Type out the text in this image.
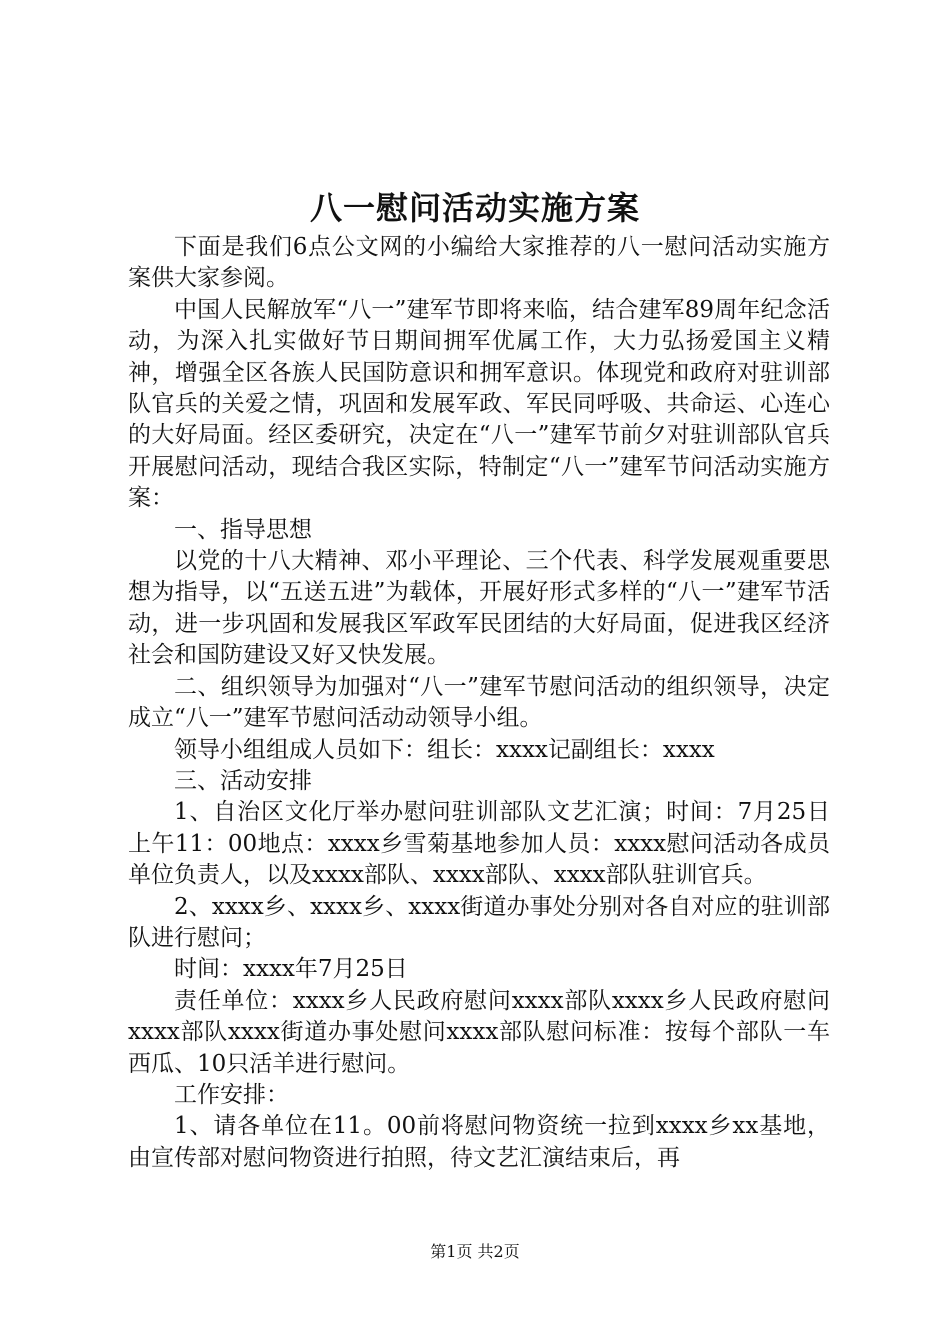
八一慰问活动实施方案

下面是我们6点公文网的小编给大家推荐的八一慰问活动实施方案供大家参阅。

中国人民解放军“八一”建军节即将来临，结合建军89周年纪念活动，为深入扎实做好节日期间拥军优属工作，大力弘扬爱国主义精神，增强全区各族人民国防意识和拥军意识。体现党和政府对驻训部队官兵的关爱之情，巩固和发展军政、军民同呼吸、共命运、心连心的大好局面。经区委研究，决定在“八一”建军节前夕对驻训部队官兵开展慰问活动，现结合我区实际，特制定“八一”建军节问活动实施方案：

一、指导思想

以党的十八大精神、邓小平理论、三个代表、科学发展观重要思想为指导，以“五送五进”为载体，开展好形式多样的“八一”建军节活动，进一步巩固和发展我区军政军民团结的大好局面，促进我区经济社会和国防建设又好又快发展。

二、组织领导为加强对“八一”建军节慰问活动的组织领导，决定成立“八一”建军节慰问活动动领导小组。

领导小组组成人员如下：组长：xxxx记副组长：xxxx

三、活动安排

1、自治区文化厅举办慰问驻训部队文艺汇演；时间：7月25日上午11：00地点：xxxx乡雪菊基地参加人员：xxxx慰问活动各成员单位负责人，以及xxxx部队、xxxx部队、xxxx部队驻训官兵。

2、xxxx乡、xxxx乡、xxxx街道办事处分别对各自对应的驻训部队进行慰问；

时间：xxxx年7月25日

责任单位：xxxx乡人民政府慰问xxxx部队xxxx乡人民政府慰问xxxx部队xxxx街道办事处慰问xxxx部队慰问标准：按每个部队一车西瓜、10只活羊进行慰问。

工作安排：

1、请各单位在11。00前将慰问物资统一拉到xxxx乡xx基地，由宣传部对慰问物资进行拍照，待文艺汇演结束后，再

第1页 共2页
